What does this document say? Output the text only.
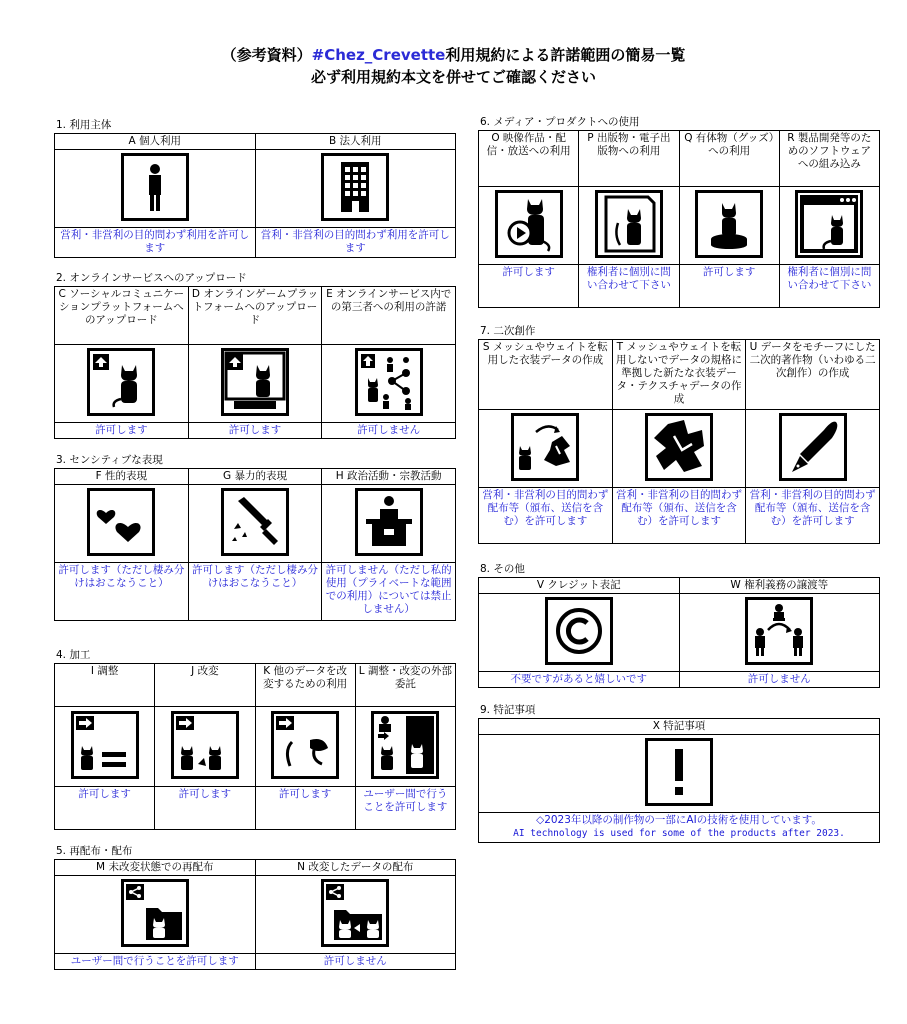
（参考資料）#Chez_Crevette利用規約による許諾範囲の簡易一覧
必ず利用規約本文を併せてご確認ください
1. 利用主体
A 個人利用	B 法人利用

営利・非営利の目的問わず利用を許可します	営利・非営利の目的問わず利用を許可します
2. オンラインサービスへのアップロード
C ソーシャルコミュニケーションプラットフォームへのアップロード	D オンラインゲームプラットフォームへのアップロード	E オンラインサービス内での第三者への利用の許諾

許可します	許可します	許可しません
3. センシティブな表現
F 性的表現	G 暴力的表現	H 政治活動・宗教活動

許可します（ただし棲み分けはおこなうこと）	許可します（ただし棲み分けはおこなうこと）	許可しません（ただし私的使用（プライベートな範囲での利用）については禁止しません）
4. 加工
I 調整	J 改変	K 他のデータを改変するための利用	L 調整・改変の外部委託

許可します	許可します	許可します	ユーザー間で行うことを許可します
5. 再配布・配布
M 未改変状態での再配布	N 改変したデータの配布

ユーザー間で行うことを許可します	許可しません
6. メディア・プロダクトへの使用
O 映像作品・配信・放送への利用	P 出版物・電子出版物への利用	Q 有体物（グッズ）への利用	R 製品開発等のためのソフトウェアへの組み込み

許可します	権利者に個別に問い合わせて下さい	許可します	権利者に個別に問い合わせて下さい
7. 二次創作
S メッシュやウェイトを転用した衣装データの作成	T メッシュやウェイトを転用しないでデータの規格に準拠した新たな衣装データ・テクスチャデータの作成	U データをモチーフにした二次的著作物（いわゆる二次創作）の作成

営利・非営利の目的問わず配布等（頒布、送信を含む）を許可します	営利・非営利の目的問わず配布等（頒布、送信を含む）を許可します	営利・非営利の目的問わず配布等（頒布、送信を含む）を許可します
8. その他
V クレジット表記	W 権利義務の譲渡等

不要ですがあると嬉しいです	許可しません
9. 特記事項
X 特記事項

◇2023年以降の制作物の一部にAIの技術を使用しています。
AI technology is used for some of the products after 2023.
